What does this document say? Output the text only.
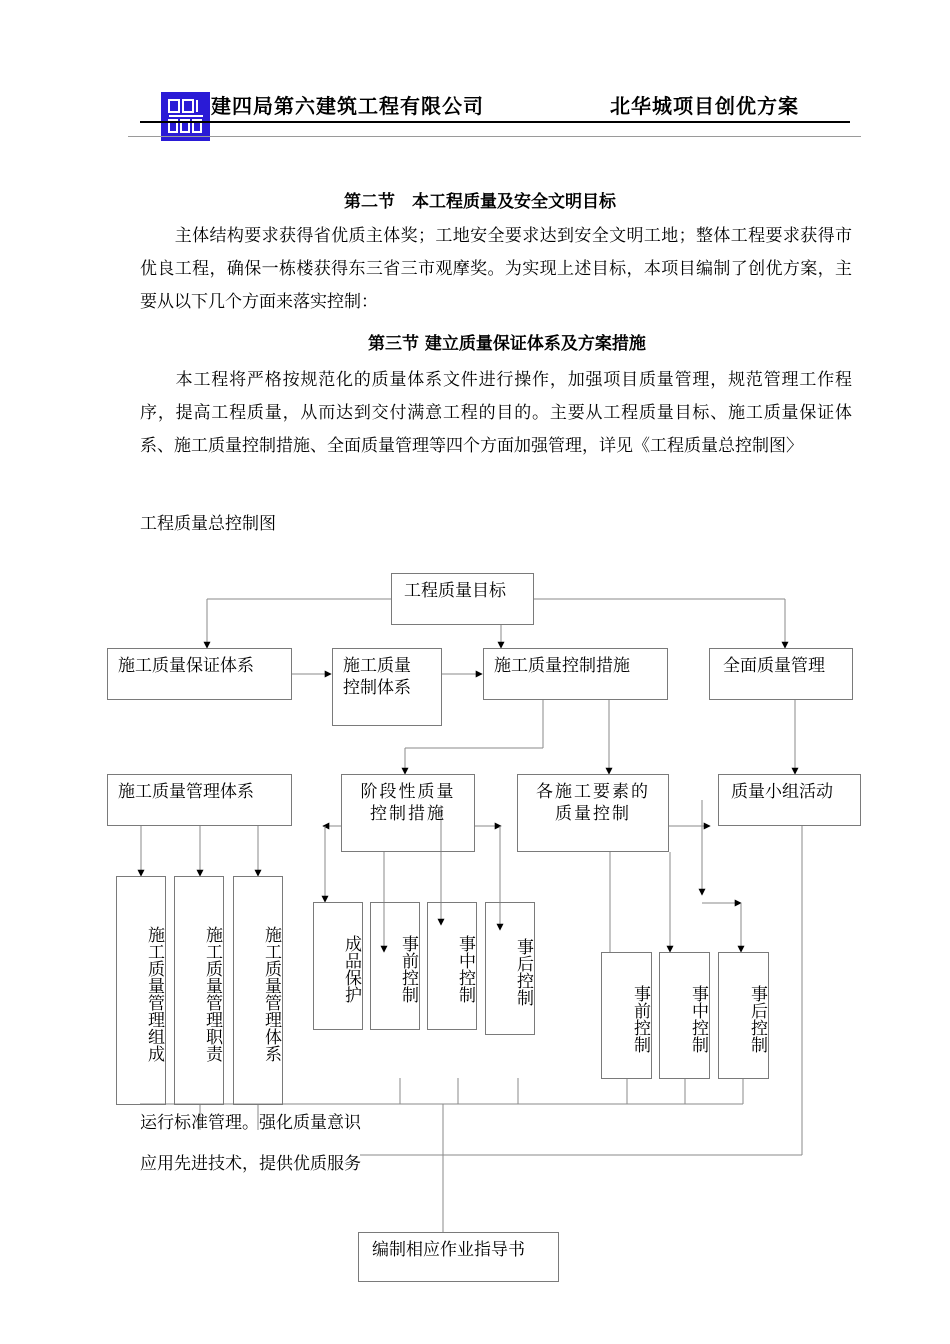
建四局第六建筑工程有限公司	北华城项目创优方案
第二节　本工程质量及安全文明目标
　　主体结构要求获得省优质主体奖；工地安全要求达到安全文明工地；整体工程要求获得市优良工程，确保一栋楼获得东三省三市观摩奖。为实现上述目标，本项目编制了创优方案，主要从以下几个方面来落实控制：
第三节 建立质量保证体系及方案措施
　　本工程将严格按规范化的质量体系文件进行操作，加强项目质量管理，规范管理工作程序，提高工程质量，从而达到交付满意工程的目的。主要从工程质量目标、施工质量保证体系、施工质量控制措施、全面质量管理等四个方面加强管理，详见《工程质量总控制图〉
工程质量总控制图
工程质量目标
施工质量保证体系	施工质量控制体系
施工质量控制措施	全面质量管理
施工质量管理体系	阶段性质量控制措施
各施工要素的质量控制
质量小组活动
施工质量管理组成	施工质量管理职责	施工质量管理体系	成品保护	事前控制	事中控制	事后控制
事前控制	事中控制	事后控制
运行标准管理。强化质量意识
应用先进技术，提供优质服务
编制相应作业指导书
